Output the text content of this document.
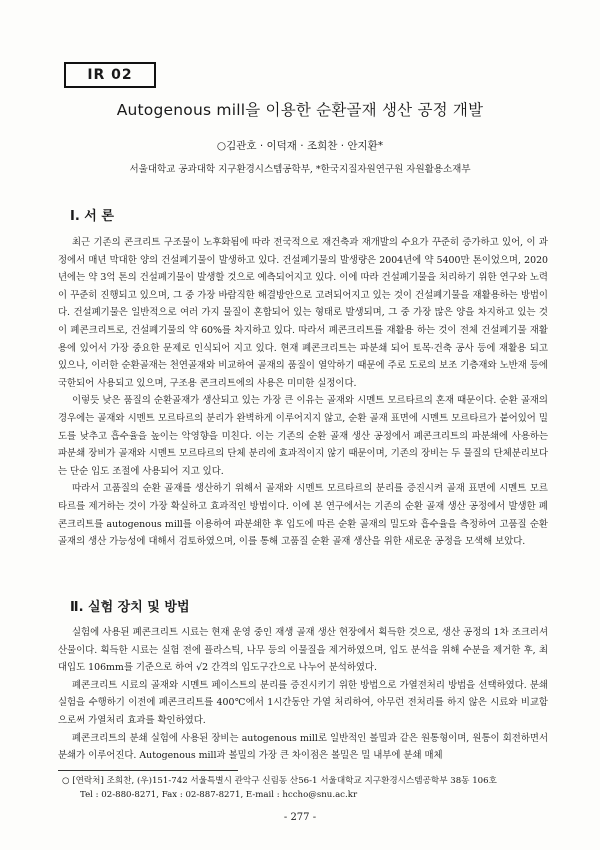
IR 02
Autogenous mill을 이용한 순환골재 생산 공정 개발
○김관호 · 이덕재 · 조희찬 · 안지환*
서울대학교 공과대학 지구환경시스템공학부, *한국지질자원연구원 자원활용소재부
Ⅰ. 서 론

최근 기존의 콘크리트 구조물이 노후화됨에 따라 전국적으로 재건축과 재개발의 수요가 꾸준히 증가하고 있어, 이 과정에서 매년 막대한 양의 건설폐기물이 발생하고 있다. 건설폐기물의 발생량은 2004년에 약 5400만 톤이었으며, 2020년에는 약 3억 톤의 건설폐기물이 발생할 것으로 예측되어지고 있다. 이에 따라 건설폐기물을 처리하기 위한 연구와 노력이 꾸준히 진행되고 있으며, 그 중 가장 바람직한 해결방안으로 고려되어지고 있는 것이 건설폐기물을 재활용하는 방법이다. 건설폐기물은 일반적으로 여러 가지 물질이 혼합되어 있는 형태로 발생되며, 그 중 가장 많은 양을 차지하고 있는 것이 폐콘크리트로, 건설폐기물의 약 60%를 차지하고 있다. 따라서 폐콘크리트를 재활용 하는 것이 전체 건설폐기물 재활용에 있어서 가장 중요한 문제로 인식되어 지고 있다. 현재 폐콘크리트는 파분쇄 되어 토목·건축 공사 등에 재활용 되고 있으나, 이러한 순환골재는 천연골재와 비교하여 골재의 품질이 열악하기 때문에 주로 도로의 보조 기층재와 노반재 등에 국한되어 사용되고 있으며, 구조용 콘크리트에의 사용은 미미한 실정이다.

이렇듯 낮은 품질의 순환골재가 생산되고 있는 가장 큰 이유는 골재와 시멘트 모르타르의 혼재 때문이다. 순환 골재의 경우에는 골재와 시멘트 모르타르의 분리가 완벽하게 이루어지지 않고, 순환 골재 표면에 시멘트 모르타르가 붙어있어 밀도를 낮추고 흡수율을 높이는 악영향을 미친다. 이는 기존의 순환 골재 생산 공정에서 폐콘크리트의 파분쇄에 사용하는 파분쇄 장비가 골재와 시멘트 모르타르의 단체 분리에 효과적이지 않기 때문이며, 기존의 장비는 두 물질의 단체분리보다는 단순 입도 조절에 사용되어 지고 있다.

따라서 고품질의 순환 골재를 생산하기 위해서 골재와 시멘트 모르타르의 분리를 증진시켜 골재 표면에 시멘트 모르타르를 제거하는 것이 가장 확실하고 효과적인 방법이다. 이에 본 연구에서는 기존의 순환 골재 생산 공정에서 발생한 폐콘크리트를 autogenous mill를 이용하여 파분쇄한 후 입도에 따른 순환 골재의 밀도와 흡수율을 측정하여 고품질 순환 골재의 생산 가능성에 대해서 검토하였으며, 이를 통해 고품질 순환 골재 생산을 위한 새로운 공정을 모색해 보았다.

Ⅱ. 실험 장치 및 방법

실험에 사용된 폐콘크리트 시료는 현재 운영 중인 재생 골재 생산 현장에서 획득한 것으로, 생산 공정의 1차 조크러셔 산물이다. 획득한 시료는 실험 전에 플라스틱, 나무 등의 이물질을 제거하였으며, 입도 분석을 위해 수분을 제거한 후, 최대입도 106mm를 기준으로 하여 √2 간격의 입도구간으로 나누어 분석하였다.

폐콘크리트 시료의 골재와 시멘트 페이스트의 분리를 증진시키기 위한 방법으로 가열전처리 방법을 선택하였다. 분쇄 실험을 수행하기 이전에 폐콘크리트를 400℃에서 1시간동안 가열 처리하여, 아무런 전처리를 하지 않은 시료와 비교함으로써 가열처리 효과를 확인하였다.

폐콘크리트의 분쇄 실험에 사용된 장비는 autogenous mill로 일반적인 볼밀과 같은 원통형이며, 원통이 회전하면서 분쇄가 이루어진다. Autogenous mill과 볼밀의 가장 큰 차이점은 볼밀은 밀 내부에 분쇄 매체

○ [연락처] 조희찬, (우)151-742 서울특별시 관악구 신림동 산56-1 서울대학교 지구환경시스템공학부 38동 106호
Tel : 02-880-8271, Fax : 02-887-8271, E-mail : hccho@snu.ac.kr
- 277 -
